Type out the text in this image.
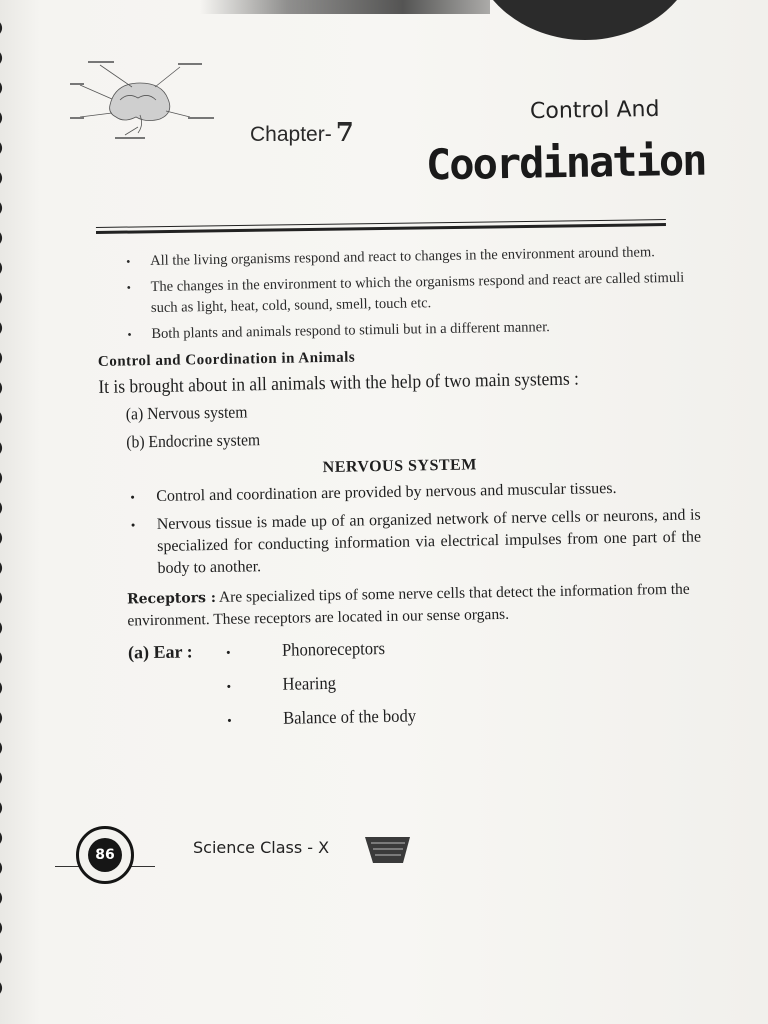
Chapter- 7
Control And
Coordination
• All the living organisms respond and react to changes in the environment around them.
• The changes in the environment to which the organisms respond and react are called stimuli such as light, heat, cold, sound, smell, touch etc.
• Both plants and animals respond to stimuli but in a different manner.
Control and Coordination in Animals
It is brought about in all animals with the help of two main systems :
(a) Nervous system
(b) Endocrine system
NERVOUS SYSTEM
• Control and coordination are provided by nervous and muscular tissues.
• Nervous tissue is made up of an organized network of nerve cells or neurons, and is specialized for conducting information via electrical impulses from one part of the body to another.
Receptors : Are specialized tips of some nerve cells that detect the information from the environment. These receptors are located in our sense organs.
(a) Ear :	•	Phonoreceptors
•	Hearing
•	Balance of the body
86	Science Class - X
